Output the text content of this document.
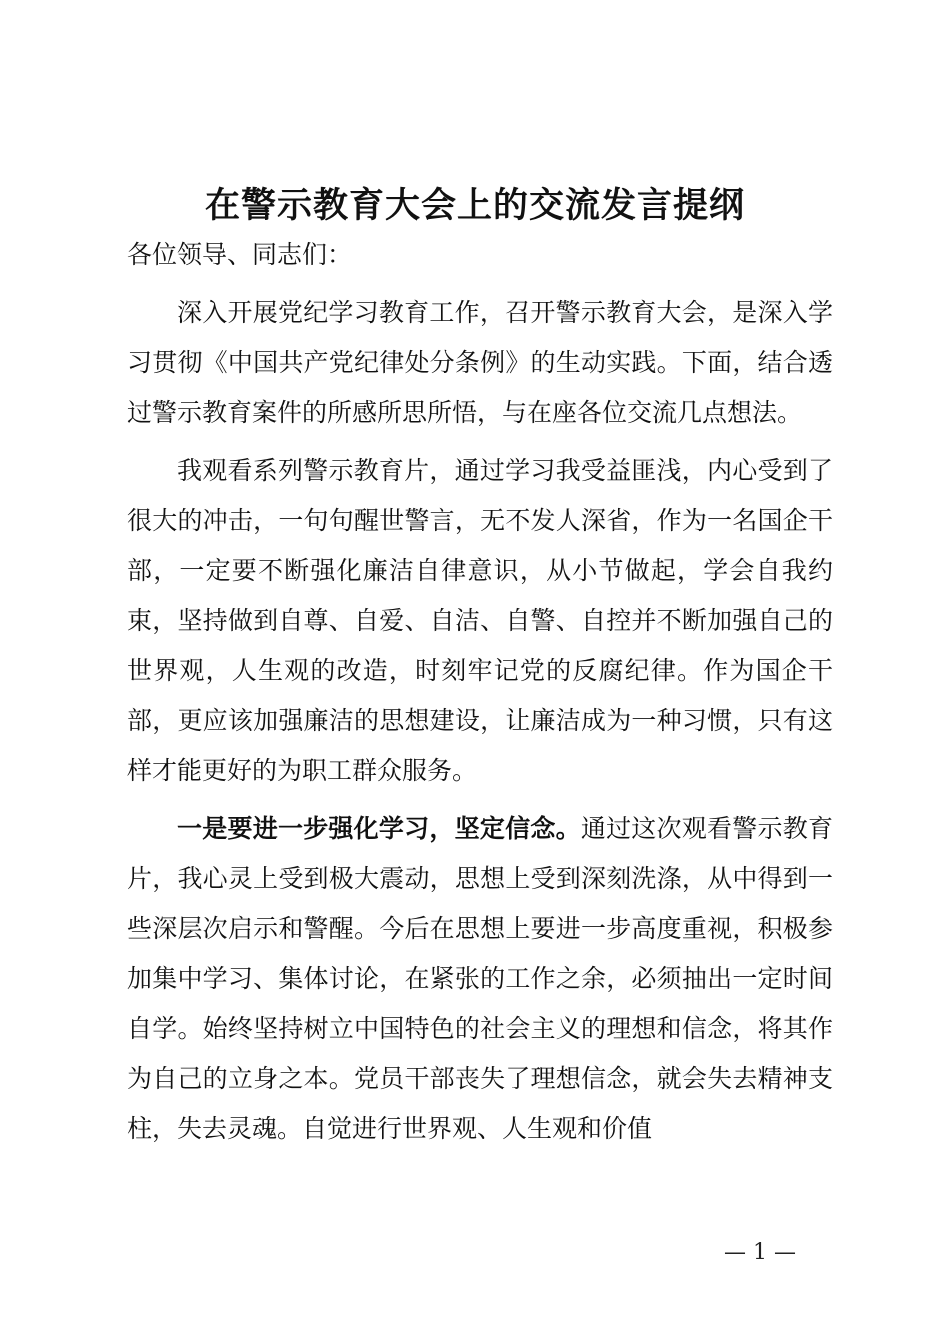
在警示教育大会上的交流发言提纲

各位领导、同志们：

深入开展党纪学习教育工作，召开警示教育大会，是深入学习贯彻《中国共产党纪律处分条例》的生动实践。下面，结合透过警示教育案件的所感所思所悟，与在座各位交流几点想法。

我观看系列警示教育片，通过学习我受益匪浅，内心受到了很大的冲击，一句句醒世警言，无不发人深省，作为一名国企干部，一定要不断强化廉洁自律意识，从小节做起，学会自我约束，坚持做到自尊、自爱、自洁、自警、自控并不断加强自己的世界观，人生观的改造，时刻牢记党的反腐纪律。作为国企干部，更应该加强廉洁的思想建设，让廉洁成为一种习惯，只有这样才能更好的为职工群众服务。

一是要进一步强化学习，坚定信念。通过这次观看警示教育片，我心灵上受到极大震动，思想上受到深刻洗涤，从中得到一些深层次启示和警醒。今后在思想上要进一步高度重视，积极参加集中学习、集体讨论，在紧张的工作之余，必须抽出一定时间自学。始终坚持树立中国特色的社会主义的理想和信念，将其作为自己的立身之本。党员干部丧失了理想信念，就会失去精神支柱，失去灵魂。自觉进行世界观、人生观和价值

— 1 —
